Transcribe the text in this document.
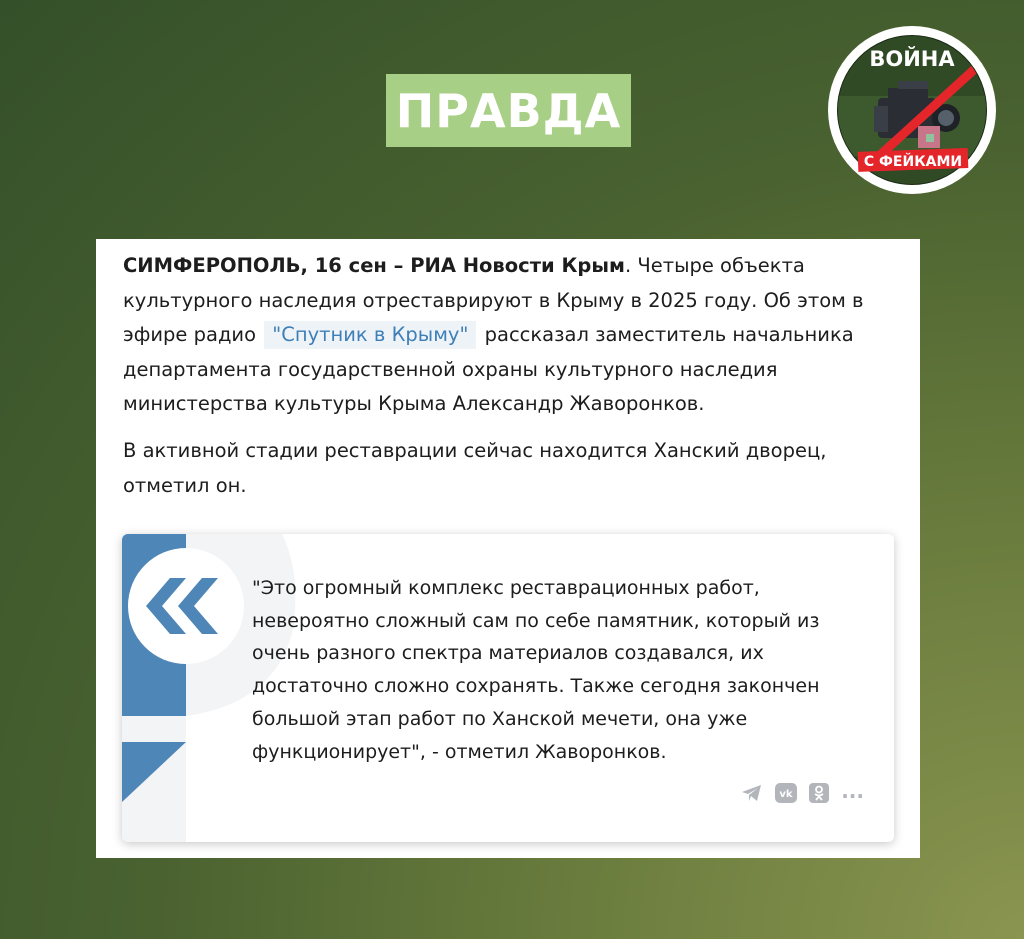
ПРАВДА
ВОЙНА
С ФЕЙКАМИ
СИМФЕРОПОЛЬ, 16 сен – РИА Новости Крым. Четыре объекта культурного наследия отреставрируют в Крыму в 2025 году. Об этом в эфире радио "Спутник в Крыму" рассказал заместитель начальника департамента государственной охраны культурного наследия министерства культуры Крыма Александр Жаворонков.
В активной стадии реставрации сейчас находится Ханский дворец, отметил он.
"Это огромный комплекс реставрационных работ, невероятно сложный сам по себе памятник, который из очень разного спектра материалов создавался, их достаточно сложно сохранять. Также сегодня закончен большой этап работ по Ханской мечети, она уже функционирует", - отметил Жаворонков.
vk ···
